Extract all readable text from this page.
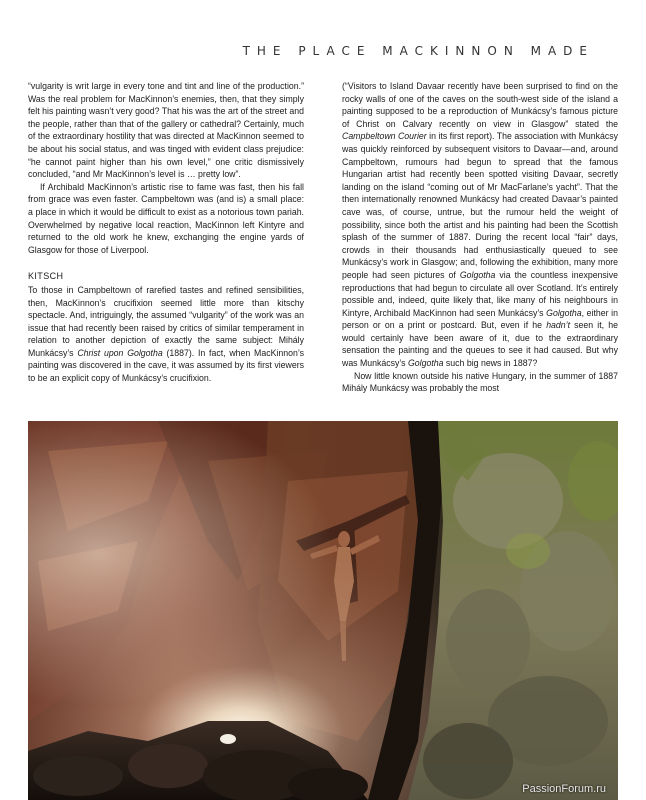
THE PLACE MACKINNON MADE

“vulgarity is writ large in every tone and tint and line of the production.” Was the real problem for MacKinnon’s enemies, then, that they simply felt his painting wasn’t very good? That his was the art of the street and the people, rather than that of the gallery or cathedral? Certainly, much of the extraordinary hostility that was directed at MacKinnon seemed to be about his social status, and was tinged with evident class prejudice: “he cannot paint higher than his own level,” one critic dismissively concluded, “and Mr MacKinnon’s level is … pretty low”.

If Archibald MacKinnon’s artistic rise to fame was fast, then his fall from grace was even faster. Campbeltown was (and is) a small place: a place in which it would be difficult to exist as a notorious town pariah. Overwhelmed by negative local reaction, MacKinnon left Kintyre and returned to the old work he knew, exchanging the engine yards of Glasgow for those of Liverpool.

KITSCH

To those in Campbeltown of rarefied tastes and refined sensibilities, then, MacKinnon’s crucifixion seemed little more than kitschy spectacle. And, intriguingly, the assumed “vulgarity” of the work was an issue that had recently been raised by critics of similar temperament in relation to another depiction of exactly the same subject: Mihály Munkácsy’s Christ upon Golgotha (1887). In fact, when MacKinnon’s painting was discovered in the cave, it was assumed by its first viewers to be an explicit copy of Munkácsy’s crucifixion.

(“Visitors to Island Davaar recently have been surprised to find on the rocky walls of one of the caves on the south-west side of the island a painting supposed to be a reproduction of Munkácsy’s famous picture of Christ on Calvary recently on view in Glasgow” stated the Campbeltown Courier in its first report). The association with Munkácsy was quickly reinforced by subsequent visitors to Davaar—and, around Campbeltown, rumours had begun to spread that the famous Hungarian artist had recently been spotted visiting Davaar, secretly landing on the island “coming out of Mr MacFarlane’s yacht”. That the then internationally renowned Munkácsy had created Davaar’s painted cave was, of course, untrue, but the rumour held the weight of possibility, since both the artist and his painting had been the Scottish splash of the summer of 1887. During the recent local “fair” days, crowds in their thousands had enthusiastically queued to see Munkácsy’s work in Glasgow; and, following the exhibition, many more people had seen pictures of Golgotha via the countless inexpensive reproductions that had begun to circulate all over Scotland. It’s entirely possible and, indeed, quite likely that, like many of his neighbours in Kintyre, Archibald MacKinnon had seen Munkácsy’s Golgotha, either in person or on a print or postcard. But, even if he hadn’t seen it, he would certainly have been aware of it, due to the extraordinary sensation the painting and the queues to see it had caused. But why was Munkácsy’s Golgotha such big news in 1887?

Now little known outside his native Hungary, in the summer of 1887 Mihály Munkácsy was probably the most

PassionForum.ru
